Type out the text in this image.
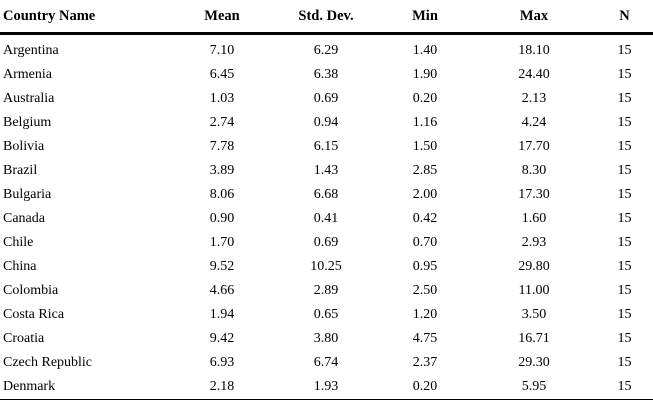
Country Name	Mean	Std. Dev.	Min	Max	N
Argentina	7.10	6.29	1.40	18.10	15
Armenia	6.45	6.38	1.90	24.40	15
Australia	1.03	0.69	0.20	2.13	15
Belgium	2.74	0.94	1.16	4.24	15
Bolivia	7.78	6.15	1.50	17.70	15
Brazil	3.89	1.43	2.85	8.30	15
Bulgaria	8.06	6.68	2.00	17.30	15
Canada	0.90	0.41	0.42	1.60	15
Chile	1.70	0.69	0.70	2.93	15
China	9.52	10.25	0.95	29.80	15
Colombia	4.66	2.89	2.50	11.00	15
Costa Rica	1.94	0.65	1.20	3.50	15
Croatia	9.42	3.80	4.75	16.71	15
Czech Republic	6.93	6.74	2.37	29.30	15
Denmark	2.18	1.93	0.20	5.95	15
